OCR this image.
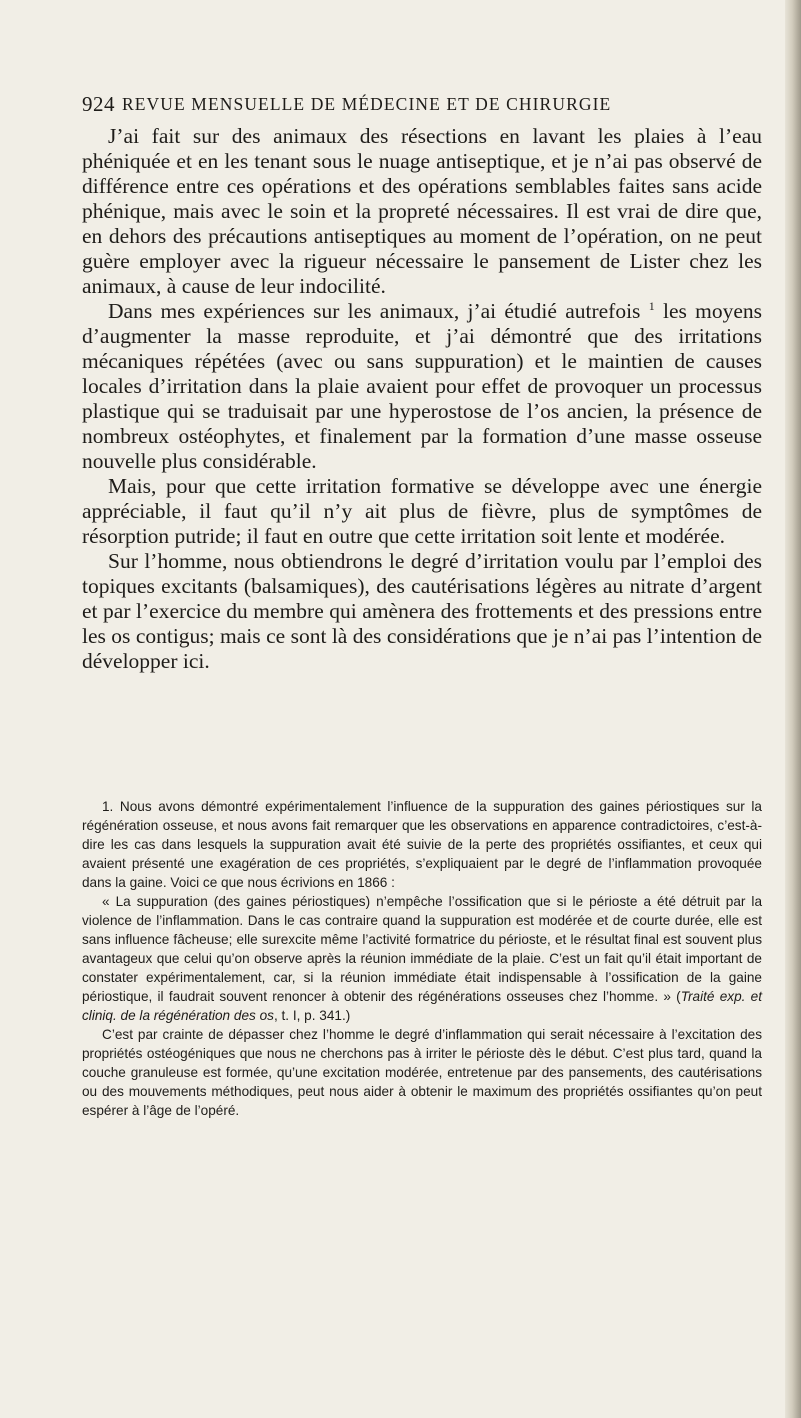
924 REVUE MENSUELLE DE MÉDECINE ET DE CHIRURGIE

J’ai fait sur des animaux des résections en lavant les plaies à l’eau phéniquée et en les tenant sous le nuage antiseptique, et je n’ai pas observé de différence entre ces opérations et des opérations semblables faites sans acide phénique, mais avec le soin et la propreté nécessaires. Il est vrai de dire que, en dehors des précautions antiseptiques au moment de l’opération, on ne peut guère employer avec la rigueur nécessaire le pansement de Lister chez les animaux, à cause de leur indocilité.

Dans mes expériences sur les animaux, j’ai étudié autrefois $^1$ les moyens d’augmenter la masse reproduite, et j’ai démontré que des irritations mécaniques répétées (avec ou sans suppuration) et le maintien de causes locales d’irritation dans la plaie avaient pour effet de provoquer un processus plastique qui se traduisait par une hyperostose de l’os ancien, la présence de nombreux ostéophytes, et finalement par la formation d’une masse osseuse nouvelle plus considérable.

Mais, pour que cette irritation formative se développe avec une énergie appréciable, il faut qu’il n’y ait plus de fièvre, plus de symptômes de résorption putride; il faut en outre que cette irritation soit lente et modérée.

Sur l’homme, nous obtiendrons le degré d’irritation voulu par l’emploi des topiques excitants (balsamiques), des cautérisations légères au nitrate d’argent et par l’exercice du membre qui amènera des frottements et des pressions entre les os contigus; mais ce sont là des considérations que je n’ai pas l’intention de développer ici.

1. Nous avons démontré expérimentalement l’influence de la suppuration des gaines périostiques sur la régénération osseuse, et nous avons fait remarquer que les observations en apparence contradictoires, c’est-à-dire les cas dans lesquels la suppuration avait été suivie de la perte des propriétés ossifiantes, et ceux qui avaient présenté une exagération de ces propriétés, s’expliquaient par le degré de l’inflammation provoquée dans la gaine. Voici ce que nous écrivions en 1866 :

« La suppuration (des gaines périostiques) n’empêche l’ossification que si le périoste a été détruit par la violence de l’inflammation. Dans le cas contraire quand la suppuration est modérée et de courte durée, elle est sans influence fâcheuse; elle surexcite même l’activité formatrice du périoste, et le résultat final est souvent plus avantageux que celui qu’on observe après la réunion immédiate de la plaie. C’est un fait qu’il était important de constater expérimentalement, car, si la réunion immédiate était indispensable à l’ossification de la gaine périostique, il faudrait souvent renoncer à obtenir des régénérations osseuses chez l’homme. » (Traité exp. et cliniq. de la régénération des os, t. I, p. 341.)

C’est par crainte de dépasser chez l’homme le degré d’inflammation qui serait nécessaire à l’excitation des propriétés ostéogéniques que nous ne cherchons pas à irriter le périoste dès le début. C’est plus tard, quand la couche granuleuse est formée, qu’une excitation modérée, entretenue par des pansements, des cautérisations ou des mouvements méthodiques, peut nous aider à obtenir le maximum des propriétés ossifiantes qu’on peut espérer à l’âge de l’opéré.
